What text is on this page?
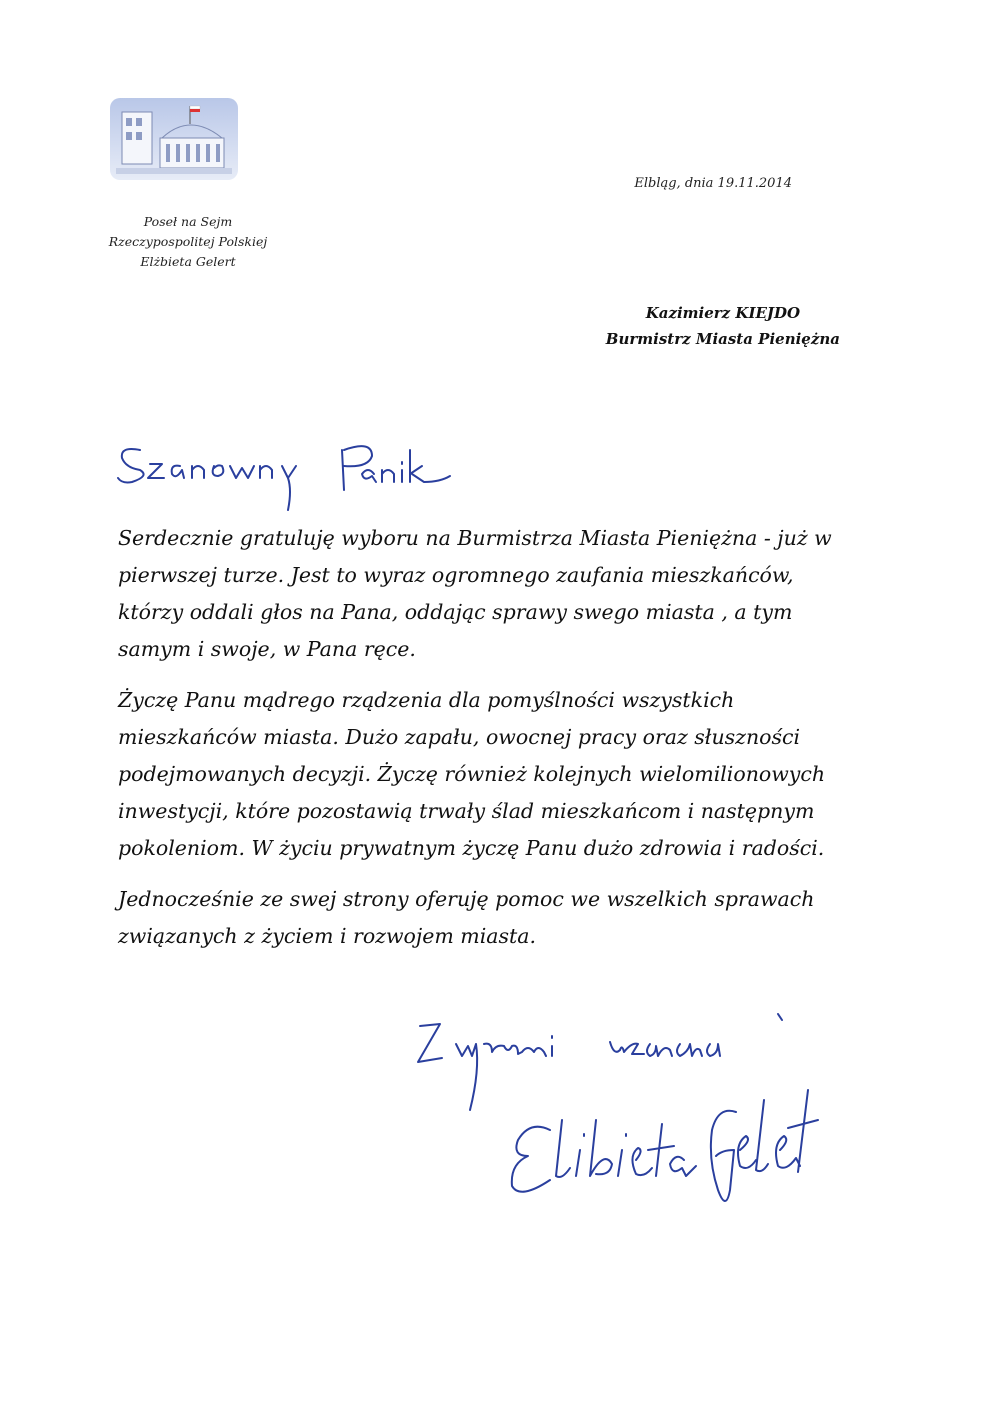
Elbląg, dnia 19.11.2014
Poseł na Sejm
Rzeczypospolitej Polskiej
Elżbieta Gelert
Kazimierz KIEJDO
Burmistrz Miasta Pieniężna

Serdecznie gratuluję wyboru na Burmistrza Miasta Pieniężna - już w pierwszej turze. Jest to wyraz ogromnego zaufania mieszkańców, którzy oddali głos na Pana, oddając sprawy swego miasta , a tym samym i swoje, w Pana ręce.

Życzę Panu mądrego rządzenia dla pomyślności wszystkich mieszkańców miasta. Dużo zapału, owocnej pracy oraz słuszności podejmowanych decyzji. Życzę również kolejnych wielomilionowych inwestycji, które pozostawią trwały ślad mieszkańcom i następnym pokoleniom. W życiu prywatnym życzę Panu dużo zdrowia i radości.

Jednocześnie ze swej strony oferuję pomoc we wszelkich sprawach związanych z życiem i rozwojem miasta.
